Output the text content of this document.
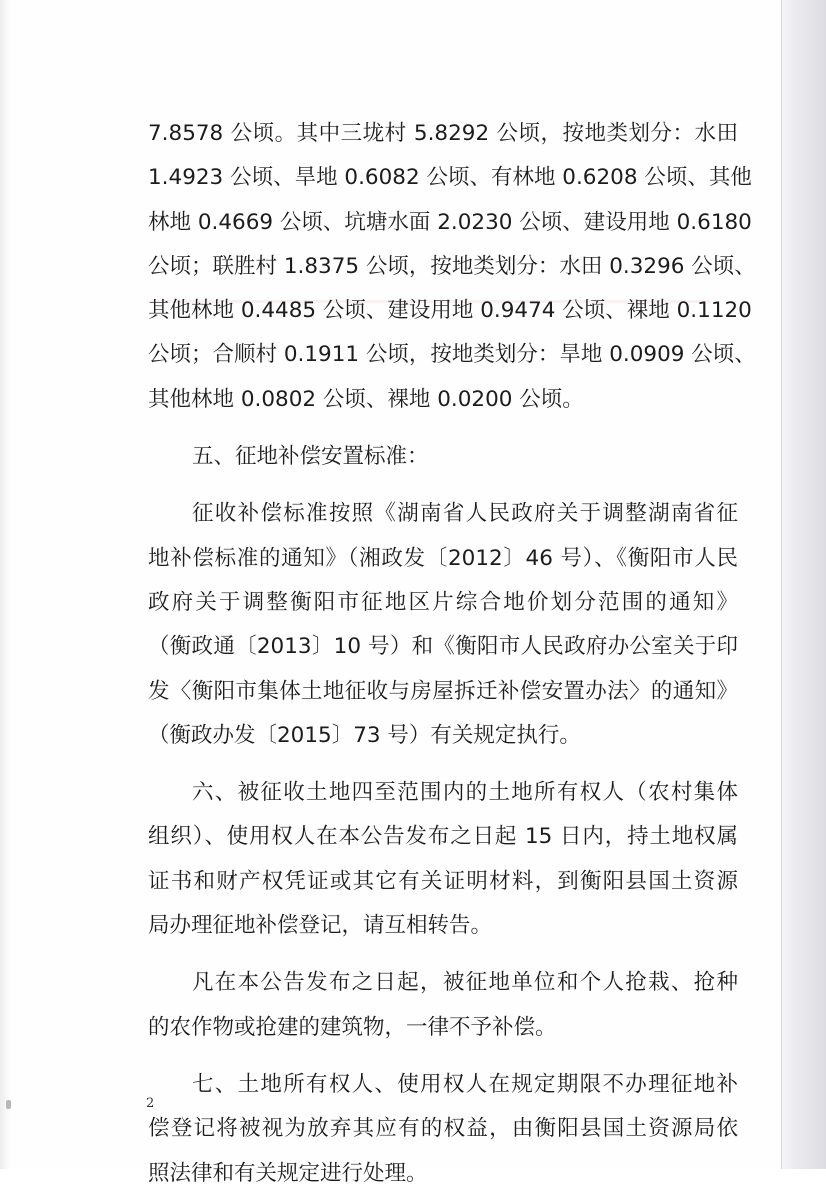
7.8578 公顷。其中三垅村 5.8292 公顷，按地类划分：水田
1.4923 公顷、旱地 0.6082 公顷、有林地 0.6208 公顷、其他
林地 0.4669 公顷、坑塘水面 2.0230 公顷、建设用地 0.6180
公顷；联胜村 1.8375 公顷，按地类划分：水田 0.3296 公顷、
其他林地 0.4485 公顷、建设用地 0.9474 公顷、裸地 0.1120
公顷；合顺村 0.1911 公顷，按地类划分：旱地 0.0909 公顷、
其他林地 0.0802 公顷、裸地 0.0200 公顷。
五、征地补偿安置标准：
征收补偿标准按照《湖南省人民政府关于调整湖南省征
地补偿标准的通知》（湘政发〔2012〕46 号）、《衡阳市人民
政府关于调整衡阳市征地区片综合地价划分范围的通知》
（衡政通〔2013〕10 号）和《衡阳市人民政府办公室关于印
发〈衡阳市集体土地征收与房屋拆迁补偿安置办法〉的通知》
（衡政办发〔2015〕73 号）有关规定执行。
六、被征收土地四至范围内的土地所有权人（农村集体
组织）、使用权人在本公告发布之日起 15 日内，持土地权属
证书和财产权凭证或其它有关证明材料，到衡阳县国土资源
局办理征地补偿登记，请互相转告。
凡在本公告发布之日起，被征地单位和个人抢栽、抢种
的农作物或抢建的建筑物，一律不予补偿。
七、土地所有权人、使用权人在规定期限不办理征地补
偿登记将被视为放弃其应有的权益，由衡阳县国土资源局依
照法律和有关规定进行处理。
2
